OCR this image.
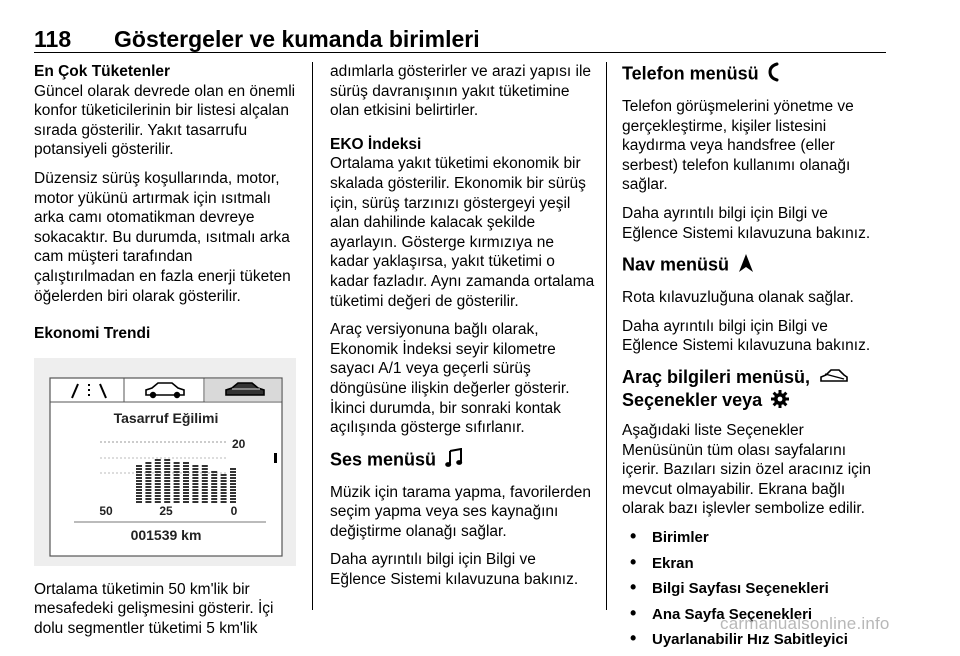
118 Göstergeler ve kumanda birimleri

En Çok Tüketenler

Güncel olarak devrede olan en önemli konfor tüketicilerinin bir listesi alçalan sırada gösterilir. Yakıt tasarrufu potansiyeli gösterilir.

Düzensiz sürüş koşullarında, motor, motor yükünü artırmak için ısıtmalı arka camı otomatikman devreye sokacaktır. Bu durumda, ısıtmalı arka cam müşteri tarafından çalıştırılmadan en fazla enerji tüketen öğelerden biri olarak gösterilir.

Ekonomi Trendi

Tasarruf Eğilimi
20
50	25	0
001539 km

Ortalama tüketimin 50 km'lik bir mesafedeki gelişmesini gösterir. İçi dolu segmentler tüketimi 5 km'lik

adımlarla gösterirler ve arazi yapısı ile sürüş davranışının yakıt tüketimine olan etkisini belirtirler.

EKO İndeksi

Ortalama yakıt tüketimi ekonomik bir skalada gösterilir. Ekonomik bir sürüş için, sürüş tarzınızı göstergeyi yeşil alan dahilinde kalacak şekilde ayarlayın. Gösterge kırmızıya ne kadar yaklaşırsa, yakıt tüketimi o kadar fazladır. Aynı zamanda ortalama tüketimi değeri de gösterilir.

Araç versiyonuna bağlı olarak, Ekonomik İndeksi seyir kilometre sayacı A/1 veya geçerli sürüş döngüsüne ilişkin değerler gösterir. İkinci durumda, bir sonraki kontak açılışında gösterge sıfırlanır.

Ses menüsü

Müzik için tarama yapma, favorilerden seçim yapma veya ses kaynağını değiştirme olanağı sağlar.

Daha ayrıntılı bilgi için Bilgi ve Eğlence Sistemi kılavuzuna bakınız.

Telefon menüsü

Telefon görüşmelerini yönetme ve gerçekleştirme, kişiler listesini kaydırma veya handsfree (eller serbest) telefon kullanımı olanağı sağlar.

Daha ayrıntılı bilgi için Bilgi ve Eğlence Sistemi kılavuzuna bakınız.

Nav menüsü

Rota kılavuzluğuna olanak sağlar.

Daha ayrıntılı bilgi için Bilgi ve Eğlence Sistemi kılavuzuna bakınız.

Araç bilgileri menüsü,
Seçenekler veya

Aşağıdaki liste Seçenekler Menüsünün tüm olası sayfalarını içerir. Bazıları sizin özel aracınız için mevcut olmayabilir. Ekrana bağlı olarak bazı işlevler sembolize edilir.

• Birimler
• Ekran
• Bilgi Sayfası Seçenekleri
• Ana Sayfa Seçenekleri
• Uyarlanabilir Hız Sabitleyici
carmanualsonline.info
